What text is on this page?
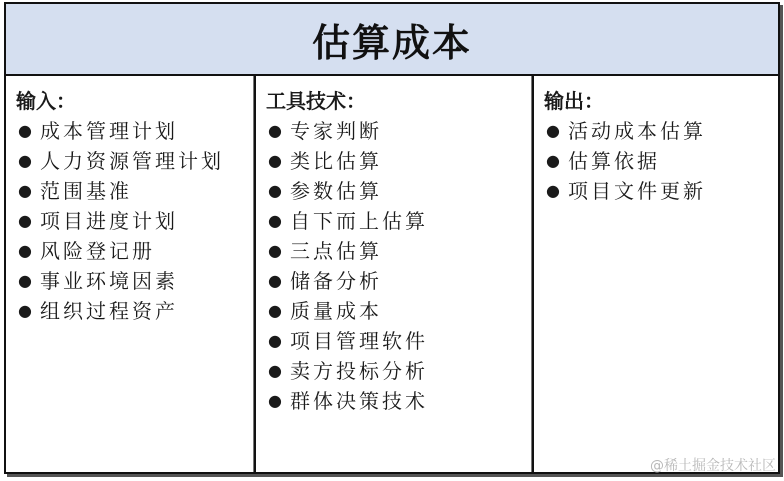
估算成本
输入：
● 成本管理计划
● 人力资源管理计划
● 范围基准
● 项目进度计划
● 风险登记册
● 事业环境因素
● 组织过程资产
工具技术：
● 专家判断
● 类比估算
● 参数估算
● 自下而上估算
● 三点估算
● 储备分析
● 质量成本
● 项目管理软件
● 卖方投标分析
● 群体决策技术
输出：
● 活动成本估算
● 估算依据
● 项目文件更新
@稀土掘金技术社区
